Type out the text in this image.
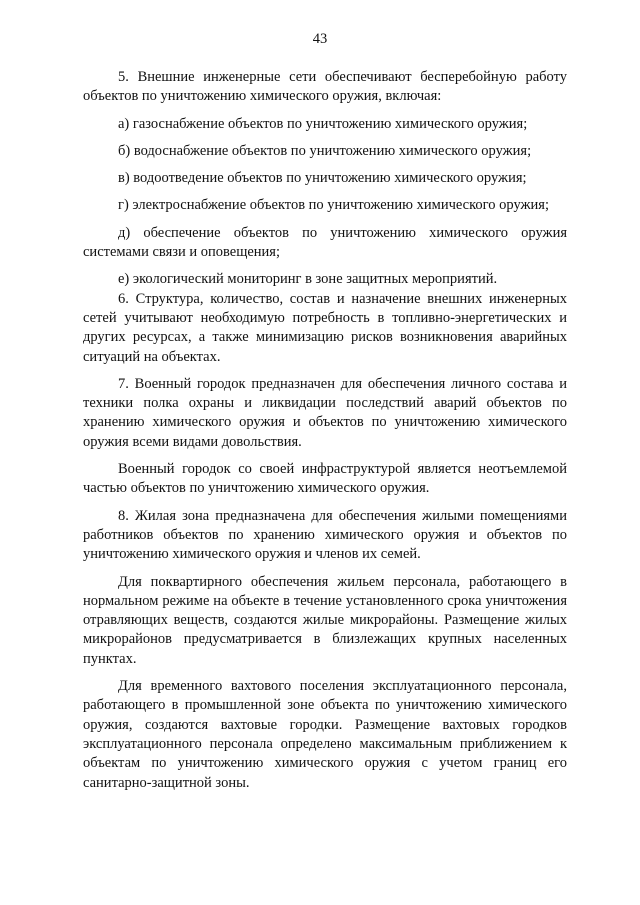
43

5. Внешние инженерные сети обеспечивают бесперебойную работу объектов по уничтожению химического оружия, включая:

а) газоснабжение объектов по уничтожению химического оружия;

б) водоснабжение объектов по уничтожению химического оружия;

в) водоотведение объектов по уничтожению химического оружия;

г) электроснабжение объектов по уничтожению химического оружия;

д) обеспечение объектов по уничтожению химического оружия системами связи и оповещения;

е) экологический мониторинг в зоне защитных мероприятий.

6. Структура, количество, состав и назначение внешних инженерных сетей учитывают необходимую потребность в топливно-энергетических и других ресурсах, а также минимизацию рисков возникновения аварийных ситуаций на объектах.

7. Военный городок предназначен для обеспечения личного состава и техники полка охраны и ликвидации последствий аварий объектов по хранению химического оружия и объектов по уничтожению химического оружия всеми видами довольствия.

Военный городок со своей инфраструктурой является неотъемлемой частью объектов по уничтожению химического оружия.

8. Жилая зона предназначена для обеспечения жилыми помещениями работников объектов по хранению химического оружия и объектов по уничтожению химического оружия и членов их семей.

Для поквартирного обеспечения жильем персонала, работающего в нормальном режиме на объекте в течение установленного срока уничтожения отравляющих веществ, создаются жилые микрорайоны. Размещение жилых микрорайонов предусматривается в близлежащих крупных населенных пунктах.

Для временного вахтового поселения эксплуатационного персонала, работающего в промышленной зоне объекта по уничтожению химического оружия, создаются вахтовые городки. Размещение вахтовых городков эксплуатационного персонала определено максимальным приближением к объектам по уничтожению химического оружия с учетом границ его санитарно-защитной зоны.
